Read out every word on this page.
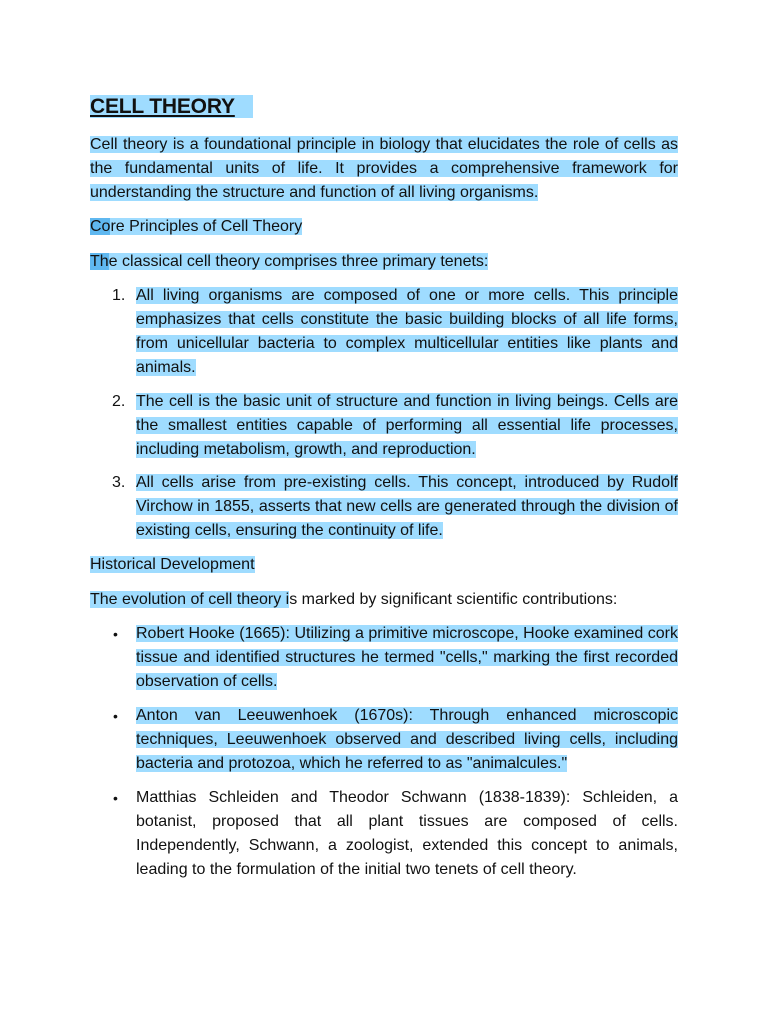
CELL THEORY

Cell theory is a foundational principle in biology that elucidates the role of cells as the fundamental units of life. It provides a comprehensive framework for understanding the structure and function of all living organisms.

Core Principles of Cell Theory

The classical cell theory comprises three primary tenets:

1. All living organisms are composed of one or more cells. This principle emphasizes that cells constitute the basic building blocks of all life forms, from unicellular bacteria to complex multicellular entities like plants and animals.

2. The cell is the basic unit of structure and function in living beings. Cells are the smallest entities capable of performing all essential life processes, including metabolism, growth, and reproduction.

3. All cells arise from pre-existing cells. This concept, introduced by Rudolf Virchow in 1855, asserts that new cells are generated through the division of existing cells, ensuring the continuity of life.

Historical Development

The evolution of cell theory is marked by significant scientific contributions:

• Robert Hooke (1665): Utilizing a primitive microscope, Hooke examined cork tissue and identified structures he termed "cells," marking the first recorded observation of cells.

• Anton van Leeuwenhoek (1670s): Through enhanced microscopic techniques, Leeuwenhoek observed and described living cells, including bacteria and protozoa, which he referred to as "animalcules."

• Matthias Schleiden and Theodor Schwann (1838-1839): Schleiden, a botanist, proposed that all plant tissues are composed of cells. Independently, Schwann, a zoologist, extended this concept to animals, leading to the formulation of the initial two tenets of cell theory.
